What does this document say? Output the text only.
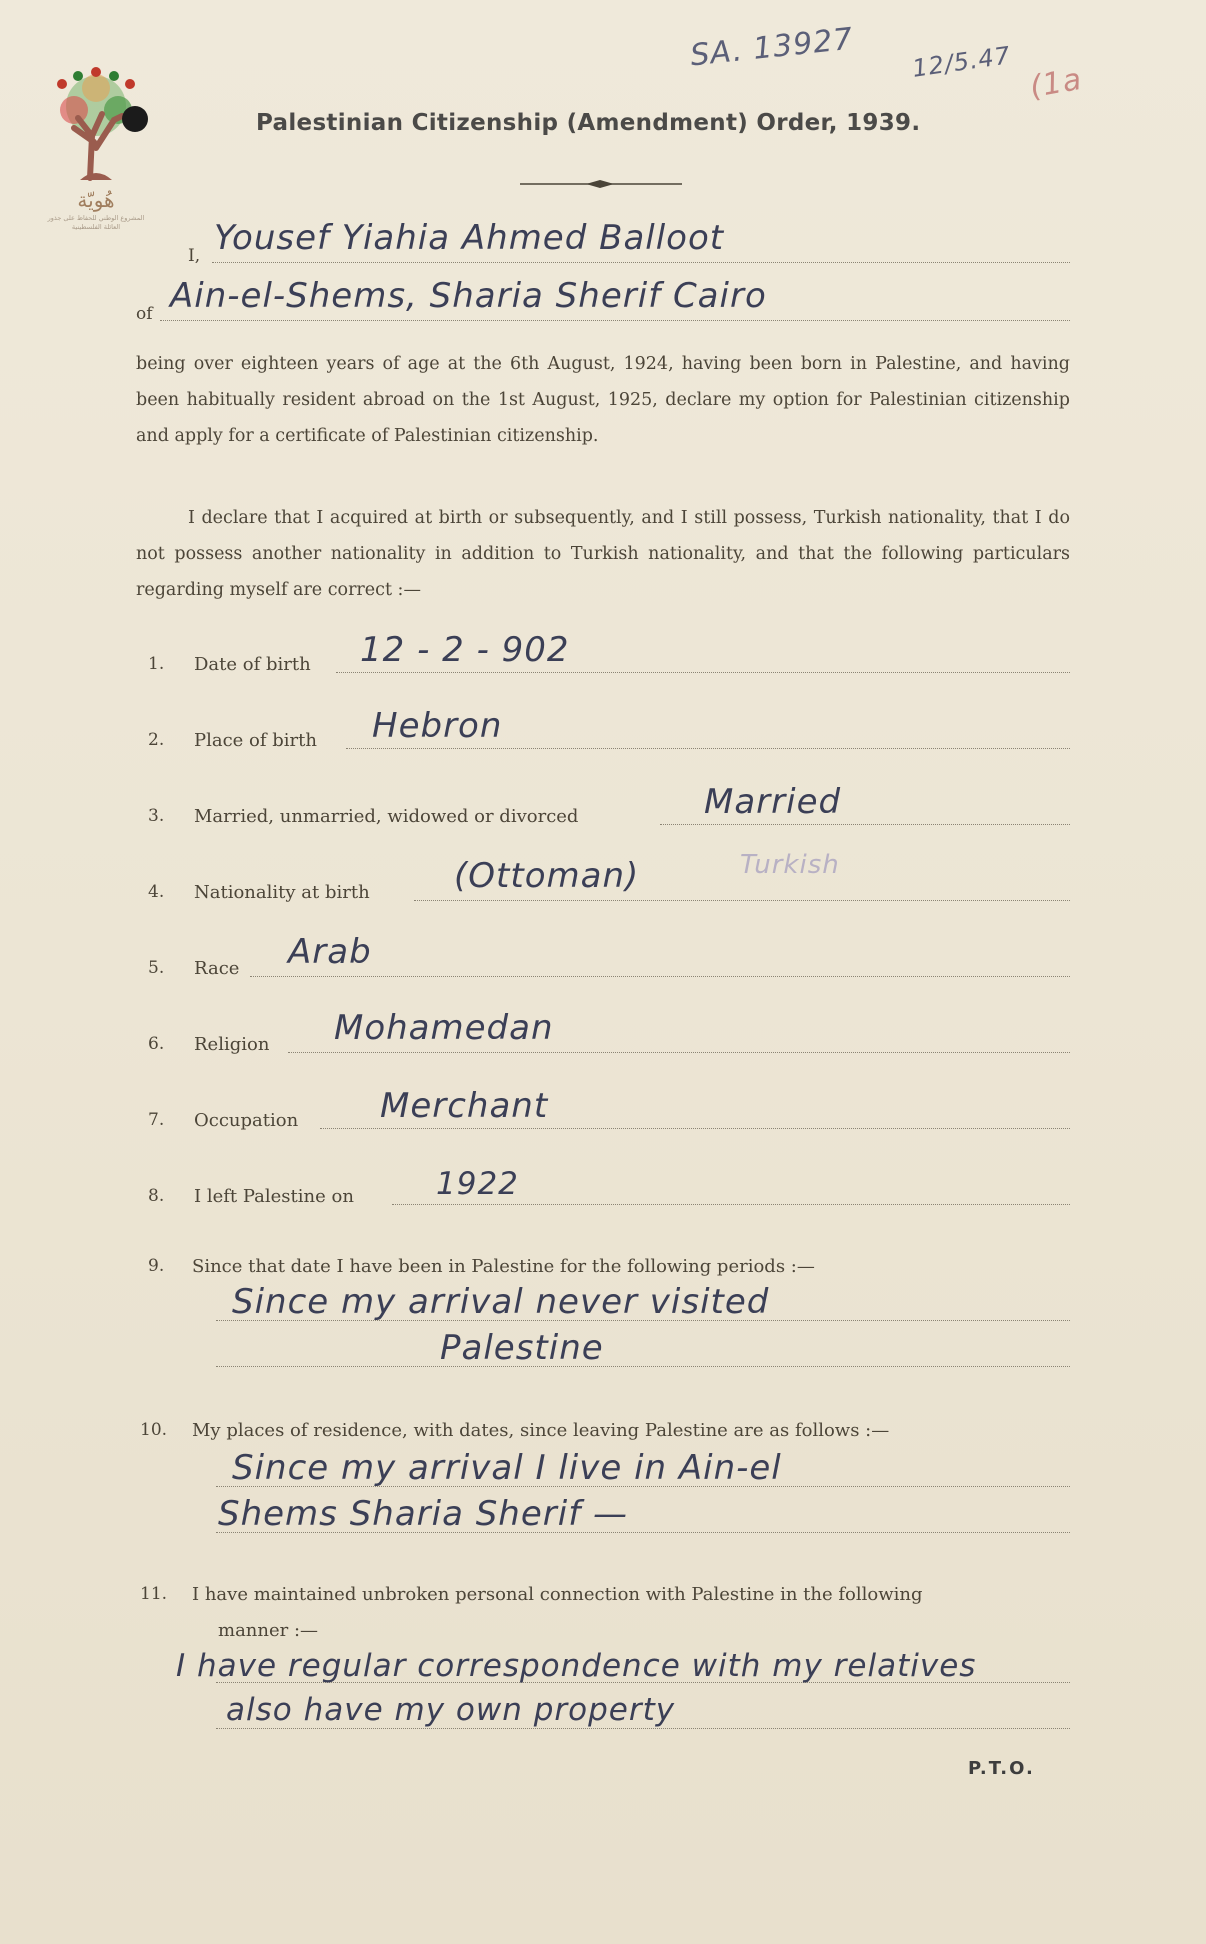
هُويّة
المشروع الوطني للحفاظ على جذور العائلة الفلسطينية
SA. 13927 12/5.47 (1a
Palestinian Citizenship (Amendment) Order, 1939.
I, Yousef Yiahia Ahmed Balloot
of Ain-el-Shems, Sharia Sherif Cairo
being over eighteen years of age at the 6th August, 1924, having been born in Palestine, and having been habitually resident abroad on the 1st August, 1925, declare my option for Palestinian citizenship and apply for a certificate of Palestinian citizenship.
I declare that I acquired at birth or subsequently, and I still possess, Turkish nationality, that I do not possess another nationality in addition to Turkish nationality, and that the following particulars regarding myself are correct :—
1. Date of birth 12 - 2 - 902
2. Place of birth Hebron
3. Married, unmarried, widowed or divorced	Married
4. Nationality at birth (Ottoman)	Turkish
5. Race Arab
6. Religion Mohamedan
7. Occupation Merchant
8. I left Palestine on	1922
9. Since that date I have been in Palestine for the following periods :—
Since my arrival never visited
Palestine
10. My places of residence, with dates, since leaving Palestine are as follows :—
Since my arrival I live in Ain-el
Shems Sharia Sherif —
11. I have maintained unbroken personal connection with Palestine in the following
manner :—
I have regular correspondence with my relatives
also have my own property
P.T.O.
